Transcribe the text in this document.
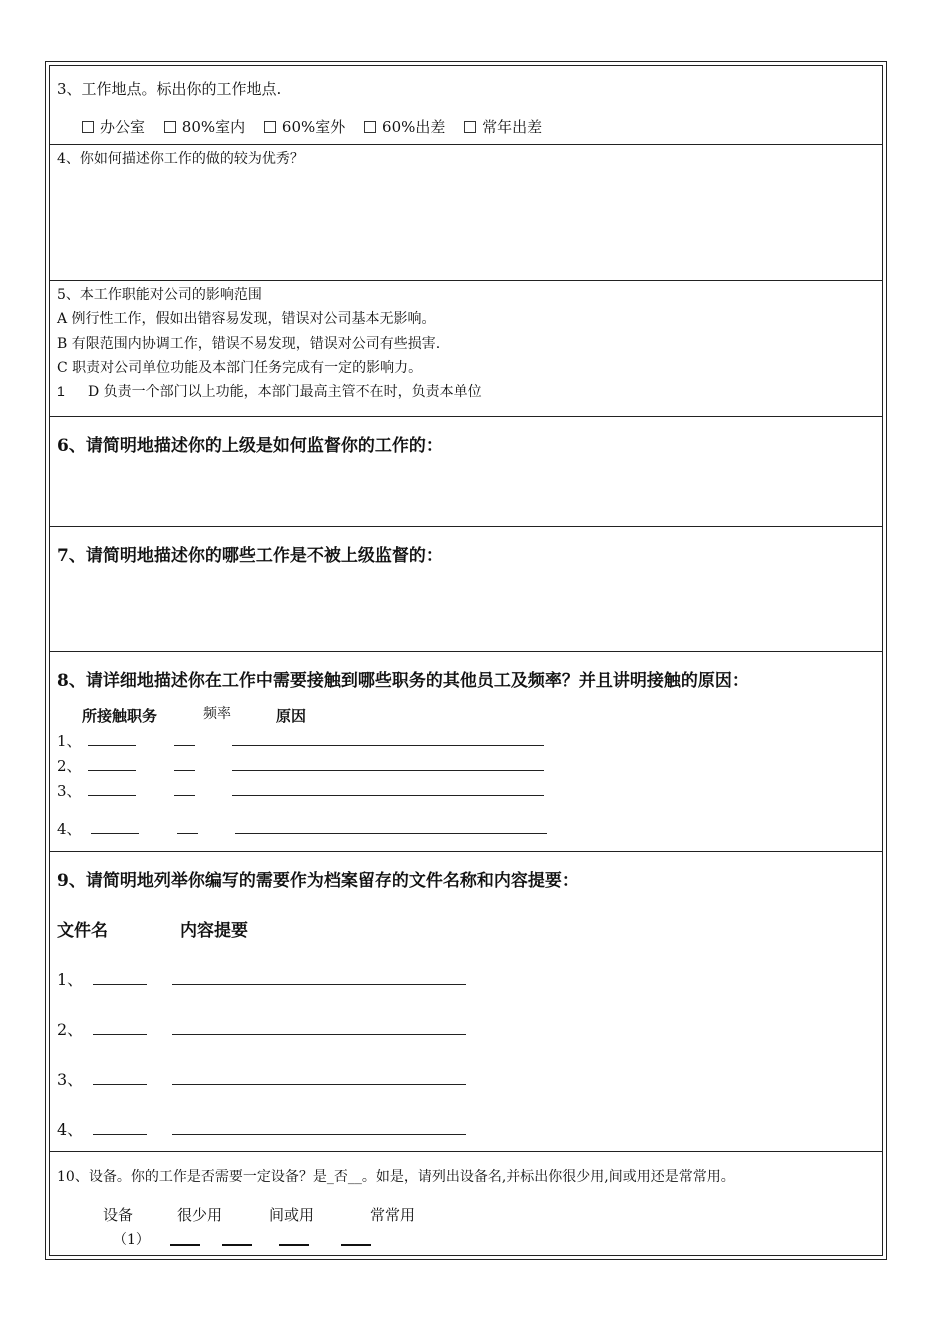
3、工作地点。标出你的工作地点.
办公室 80%室内 60%室外 60%出差 常年出差
4、你如何描述你工作的做的较为优秀？
5、本工作职能对公司的影响范围
A 例行性工作，假如出错容易发现，错误对公司基本无影响。
B 有限范围内协调工作，错误不易发现，错误对公司有些损害.
C 职责对公司单位功能及本部门任务完成有一定的影响力。
1 D 负责一个部门以上功能，本部门最高主管不在时，负责本单位
6、请简明地描述你的上级是如何监督你的工作的：
7、请简明地描述你的哪些工作是不被上级监督的：
8、请详细地描述你在工作中需要接触到哪些职务的其他员工及频率？并且讲明接触的原因：
所接触职务	频率	原因
1、
2、
3、
4、
9、请简明地列举你编写的需要作为档案留存的文件名称和内容提要：
文件名	内容提要
1、
2、
3、
4、
10、设备。你的工作是否需要一定设备？是_否__。如是，请列出设备名,并标出你很少用,间或用还是常常用。
设备	很少用	间或用	常常用
（1）
